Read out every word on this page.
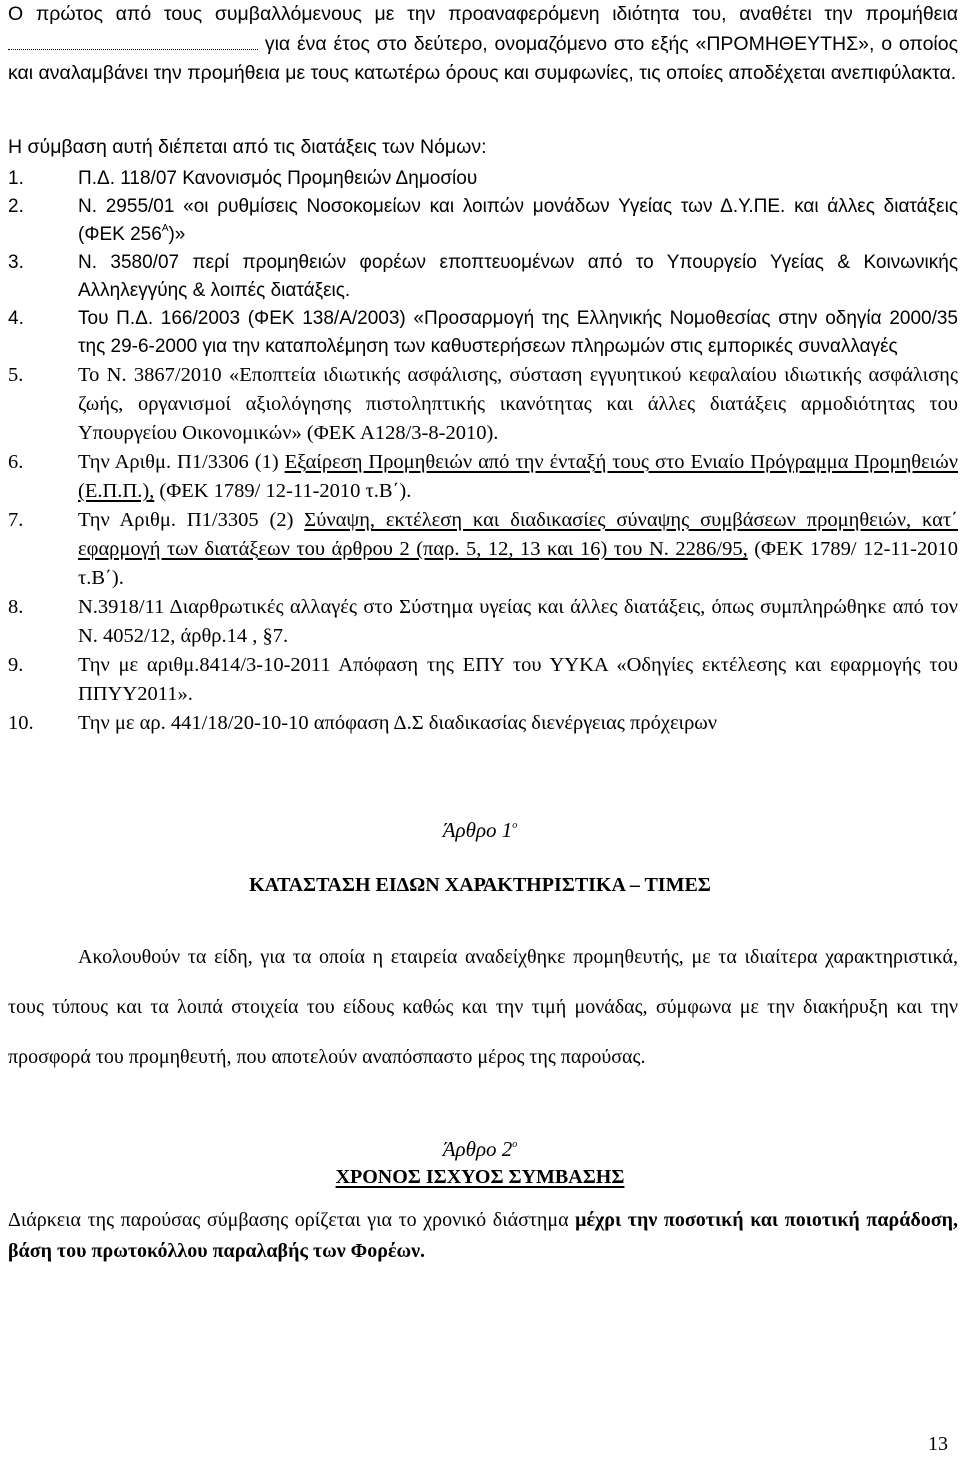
Ο πρώτος από τους συμβαλλόμενους με την προαναφερόμενη ιδιότητα του, αναθέτει την προμήθεια  για ένα έτος στο δεύτερο, ονομαζόμενο στο εξής «ΠΡΟΜΗΘΕΥΤΗΣ», ο οποίος και αναλαμβάνει την προμήθεια με τους κατωτέρω όρους και συμφωνίες, τις οποίες αποδέχεται ανεπιφύλακτα.

Η σύμβαση αυτή διέπεται από τις διατάξεις των Νόμων:
1.	Π.Δ. 118/07 Κανονισμός Προμηθειών Δημοσίου
2.	Ν. 2955/01 «οι ρυθμίσεις Νοσοκομείων και λοιπών μονάδων Υγείας των Δ.Υ.ΠΕ. και άλλες διατάξεις (ΦΕΚ $256^A$)»
3.	Ν. 3580/07 περί προμηθειών φορέων εποπτευομένων από το Υπουργείο Υγείας & Κοινωνικής Αλληλεγγύης & λοιπές διατάξεις.
4.	Του Π.Δ. 166/2003 (ΦΕΚ 138/Α/2003) «Προσαρμογή της Ελληνικής Νομοθεσίας στην οδηγία 2000/35 της 29-6-2000 για την καταπολέμηση των καθυστερήσεων πληρωμών στις εμπορικές συναλλαγές
5.	Το Ν. 3867/2010 «Εποπτεία ιδιωτικής ασφάλισης, σύσταση εγγυητικού κεφαλαίου ιδιωτικής ασφάλισης ζωής, οργανισμοί αξιολόγησης πιστοληπτικής ικανότητας και άλλες διατάξεις αρμοδιότητας του Υπουργείου Οικονομικών» (ΦΕΚ Α128/3-8-2010).
6.	Την Αριθμ. Π1/3306 (1) Εξαίρεση Προμηθειών από την ένταξή τους στο Ενιαίο Πρόγραμμα Προμηθειών (Ε.Π.Π.), (ΦΕΚ 1789/ 12-11-2010 τ.Β΄).
7.	Την Αριθμ. Π1/3305 (2) Σύναψη, εκτέλεση και διαδικασίες σύναψης συμβάσεων προμηθειών, κατ΄ εφαρμογή των διατάξεων του άρθρου 2 (παρ. 5, 12, 13 και 16) του Ν. 2286/95, (ΦΕΚ 1789/ 12-11-2010 τ.Β΄).
8.	Ν.3918/11 Διαρθρωτικές αλλαγές στο Σύστημα υγείας και άλλες διατάξεις, όπως συμπληρώθηκε από τον Ν. 4052/12, άρθρ.14 , §7.
9.	Την με αριθμ.8414/3-10-2011 Απόφαση της ΕΠΥ του ΥΥΚΑ «Οδηγίες εκτέλεσης και εφαρμογής του ΠΠΥΥ2011».
10.	Την με αρ. 441/18/20-10-10 απόφαση Δ.Σ διαδικασίας διενέργειας πρόχειρων
Άρθρο $1^o$
ΚΑΤΑΣΤΑΣΗ ΕΙΔΩΝ ΧΑΡΑΚΤΗΡΙΣΤΙΚΑ – ΤΙΜΕΣ

Ακολουθούν τα είδη, για τα οποία η εταιρεία αναδείχθηκε προμηθευτής, με τα ιδιαίτερα χαρακτηριστικά, τους τύπους και τα λοιπά στοιχεία του είδους καθώς και την τιμή μονάδας, σύμφωνα με την διακήρυξη και την προσφορά του προμηθευτή, που αποτελούν αναπόσπαστο μέρος της παρούσας.

Άρθρο $2^o$
ΧΡΟΝΟΣ ΙΣΧΥΟΣ ΣΥΜΒΑΣΗΣ

Διάρκεια της παρούσας σύμβασης ορίζεται για το χρονικό διάστημα μέχρι την ποσοτική και ποιοτική παράδοση, βάση του πρωτοκόλλου παραλαβής των Φορέων.

13
